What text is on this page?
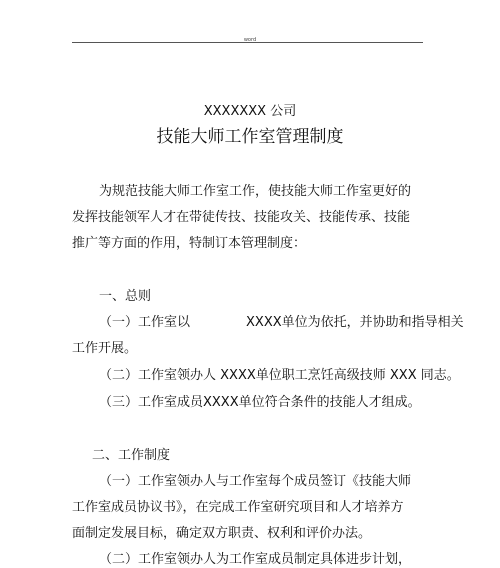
word
XXXXXXX 公司
技能大师工作室管理制度
为规范技能大师工作室工作，使技能大师工作室更好的
发挥技能领军人才在带徒传技、技能攻关、技能传承、技能
推广等方面的作用，特制订本管理制度：
一、总则
（一）工作室以	XXXX单位为依托，并协助和指导相关
工作开展。
（二）工作室领办人 XXXX单位职工烹饪高级技师 XXX 同志。
（三）工作室成员XXXX单位符合条件的技能人才组成。
二、工作制度
（一）工作室领办人与工作室每个成员签订《技能大师
工作室成员协议书》，在完成工作室研究项目和人才培养方
面制定发展目标，确定双方职责、权利和评价办法。
（二）工作室领办人为工作室成员制定具体进步计划，
